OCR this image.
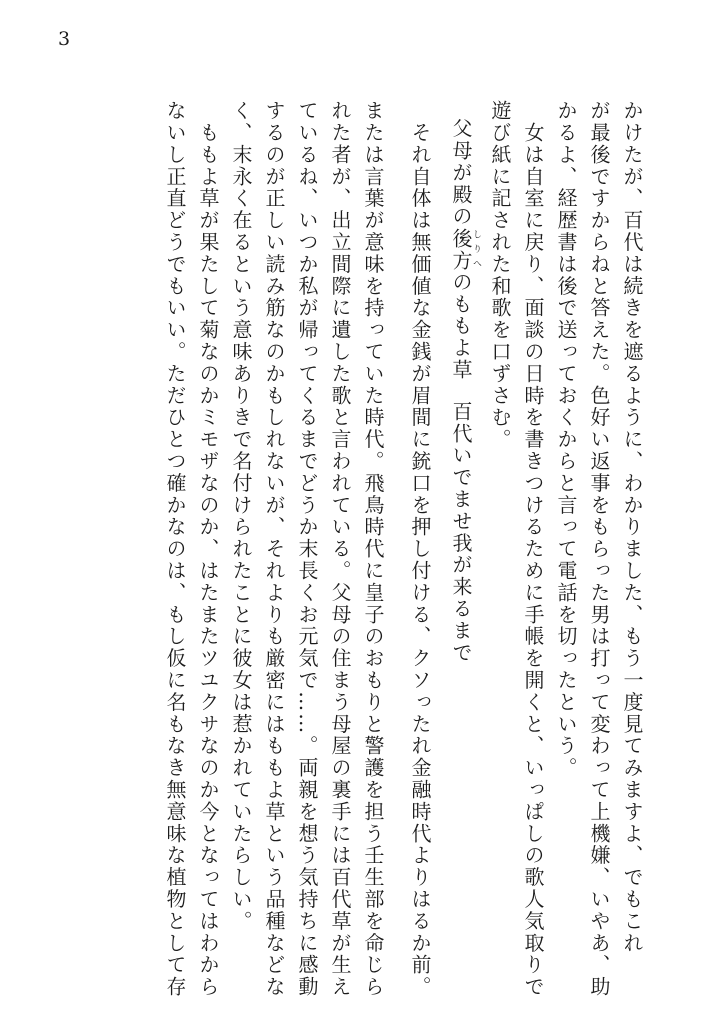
3
かけたが、百代は続きを遮るように、わかりました、もう一度見てみますよ、でもこれ
が最後ですからねと答えた。色好い返事をもらった男は打って変わって上機嫌、いやあ、助
かるよ、経歴書は後で送っておくからと言って電話を切ったという。
　女は自室に戻り、面談の日時を書きつけるために手帳を開くと、いっぱしの歌人気取りで
遊び紙に記された和歌を口ずさむ。
父母が殿の後方しりへのももよ草百代いでませ我が来るまで
　それ自体は無価値な金銭が眉間に銃口を押し付ける、クソったれ金融時代よりはるか前。
または言葉が意味を持っていた時代。飛鳥時代に皇子のおもりと警護を担う壬生部を命じら
れた者が、出立間際に遺した歌と言われている。父母の住まう母屋の裏手には百代草が生え
ているね、いつか私が帰ってくるまでどうか末長くお元気で……。両親を想う気持ちに感動
するのが正しい読み筋なのかもしれないが、それよりも厳密にはももよ草という品種などな
く、末永く在るという意味ありきで名付けられたことに彼女は惹かれていたらしい。
　ももよ草が果たして菊なのかミモザなのか、はたまたツユクサなのか今となってはわから
ないし正直どうでもいい。ただひとつ確かなのは、もし仮に名もなき無意味な植物として存
